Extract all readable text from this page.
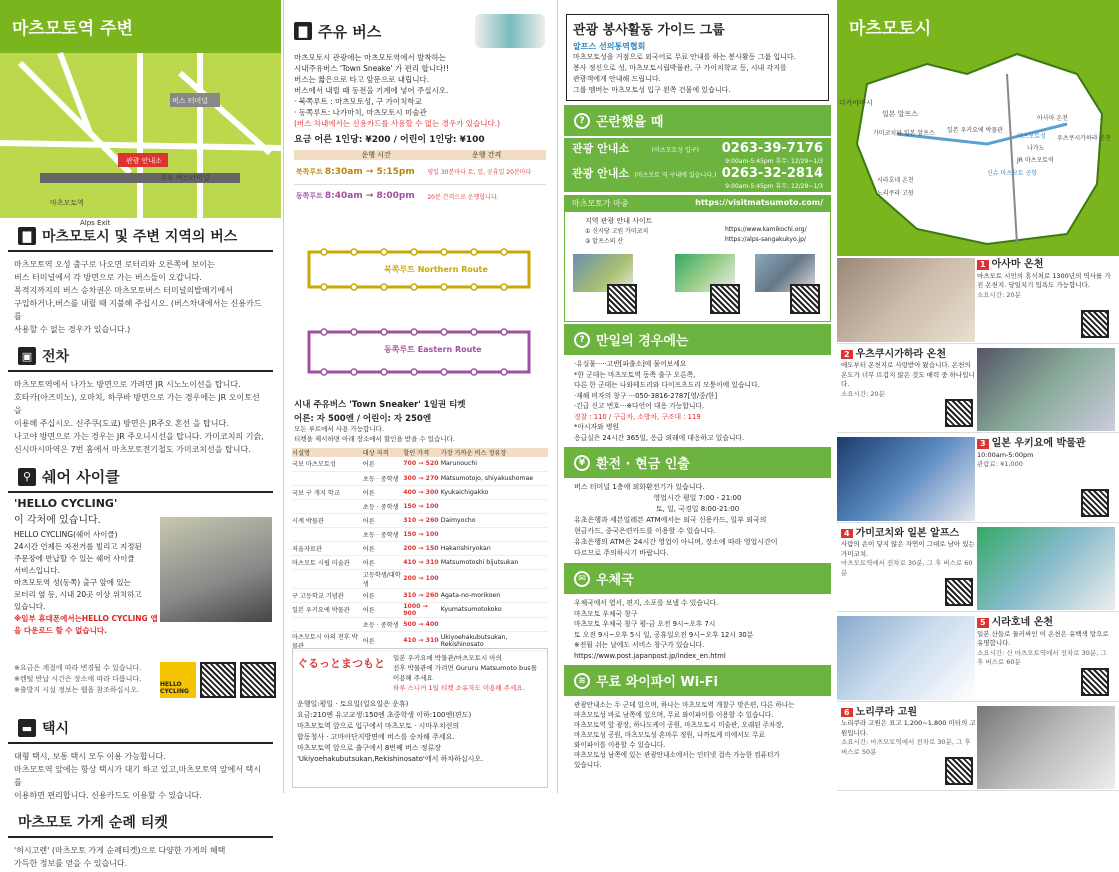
마츠모토역 주변
관광 안내소
버스 터미널
주우 버스터미널
마츠모토역
Alps Exit
▇ 마츠모토시 및 주변 지역의 버스
마츠모토역 오성 출구로 나오면 로터리와 오른쪽에 보이는
버스 터미널에서 각 방면으로 가는 버스들이 오갑니다.
목적지까지의 버스 승차권은 마츠모토버스 터미널의발매기에서
구입하거나,버스를 내릴 때 지불해 주십시오. (버스차내에서는 신용카드를
사용할 수 없는 경우가 있습니다.)
▣ 전차
마츠모토역에서 나가노 방면으로 가려면 JR 시노노이선을 탑니다.
호타카(아즈미노), 오마치, 하쿠바 방면으로 가는 경우에는 JR 오이토선을
이용해 주십시오. 신주쿠(도쿄) 방면은 JR주오 혼선 을 탑니다.
나고야 방면으로 가는 경우는 JR 주오니시선을 탑니다. 가미코치의 기슭,
신시마시마역은 7번 홈에서 마츠모토전기철도 가미코치선을 탑니다.
⚲ 쉐어 사이클
'HELLO CYCLING'
이 각처에 있습니다.
HELLO CYCLING(쉐어 사이클)
24시간 언제든 자전거를 빌리고 지정된
주문장에 반납할 수 있는 쉐어 사이클
서비스입니다.
마츠모토역 성(동쪽) 출구 앞에 있는
로터리 옆 등, 시내 20곳 이상 위치하고
있습니다.
※일부 휴대폰에서는HELLO CYCLING 앱을 다운로드 할 수 없습니다.
※요금은 계절에 따라 변경될 수 있습니다.
※렌털 반납 시간은 장소에 따라 다릅니다.
※출발지 시설 정보는 웹을 참조하십시오.
HELLO CYCLING
▬ 택시
대형 택시, 보통 택시 모두 이용 가능합니다.
마츠모토역 앞에는 항상 택시가 대기 하고 있고,마츠모토역 앞에서 택시를
이용하면 편리합니다. 신용카드도 이용할 수 있습니다.
마츠모토 가게 순례 티켓
'히시고렌' (마츠모토 가게 순례티켓)으로 다양한 가게의 혜택
가득한 정보를 얻을 수 있습니다.
▇ 주유 버스
마츠모토시 관광에는 마츠모토역에서 발착하는
시내주유버스 'Town Sneake' 가 편리 합니다!!
버스는 짧은으로 타고 앞문으로 내립니다.
버스에서 내릴 때 동전을 기계에 넣어 주십시오.
· 북쪽루트 : 마츠모토성, 구 가이치학교
· 동쪽루트: 나가마치, 마츠모토시 미술관
(버스 차내에서는 신용카드를 사용할 수 없는 경우가 있습니다.)
요금 어른 1인당: ¥200 / 어린이 1인당: ¥100
	운행 시간	운행 간격
북쪽루트	8:30am → 5:15pm	평일 30분마다 토, 일, 공휴일 20분마다
동쪽루트	8:40am → 8:00pm	20분 간격으로 운행합니다.
북쪽루트 Northern Route
동쪽루트 Eastern Route
시내 주유버스 'Town Sneaker' 1일권 티켓
어른: 자 500엔 / 어린이: 자 250엔
모든 루트에서 사용 가능합니다.
티켓을 제시하면 아래 장소에서 할인을 받을 수 있습니다.
시설명	대상 자격	할인 가격	가장 가까운 버스 정류장
국보 마츠모토성	어른	700 → 520	Marunouchi
	초등 · 중학생	300 → 270	Matsumotojo, shiyakushomae
국보 구 개지 학교	어른	400 → 300	Kyukaichigakko
	초등 · 중학생	150 → 100	
시계 박물관	어른	310 → 260	Daimyocho
	초등 · 중학생	150 → 100	
저울자료관	어른	200 → 150	Hakarishiryokan
마츠모토 시립 미술관	어른	410 → 310	Matsumotoshi bijutsukan
	고등학생/대학생	200 → 100	
구 고등학교 기념관	어른	310 → 260	Agata-no-morikoen
일본 우키요에 박물관	어른	1000 → 900	Kyumatsumotokoko
	초등 · 중학생	500 → 400	
마츠모토시 아의 전후 박물관	어른	410 → 310	Ukiyoehakubutsukan, Rekishinosato
ぐるっとまつもと	일본 우키요에 박물관/마츠모토시 아의
전후 박물관에 가려면 Gururu Matsumoto bus를
이용해 주세요
하루 스니커 1일 티켓 소유자도 이용해 주세요.
운행일:평일 · 토요일(일요일은 운휴)
요금:210엔 유고교생:150엔 초중학생 이하:100엔(편도)
마츠모토역 앞으로 입구에서 마츠모토 · 시마우치선의
합동청사 · 고마아단지방면에 버스를 승차해 주세요.
마츠모토역 앞으로 출구에서 8번째 버스 정류장
'Ukiyoehakubutsukan,Rekishinosato'에서 하차하십시오.
관광 봉사활동 가이드 그룹
알프스 선의통역협회
마츠모토성을 거점으로 외국어로 무료 안내를 하는 봉사활동 그룹 입니다.
봉사 정신으로 성, 마츠모토시립박물관, 구 가이치학교 등, 시내 각지를
관광객에게 안내해 드립니다.
그룹 멤버는 마츠모토성 입구 왼쪽 건물에 있습니다.
? 곤란했을 때
관광 안내소	(마츠모토성 입구) 0263-39-7176
9:00am-5:45pm 휴무: 12/29~1/3
관광 안내소 (마츠모토 역 구내에 있습니다.) 0263-32-2814
9:00am-5:45pm 휴무: 12/29~1/3
마츠모토가 마중	https://visitmatsumoto.com/
지역 관광 안내 사이트
① 신시당 고원 가미코치	https://www.kamikochi.org/
② 알프스의 산	https://alps-sangakukyo.jp/
? 만일의 경우에는
·유실물·····고반[파출소]에 물어보세요
*한 군데는 마츠모토역 동쪽 출구 오른쪽,
다른 한 군데는 나와테도리와 다이프츠도리 모퉁이에 있습니다.
·재해 비자의 창구 ···050-3816-2787[영/중/한]
·긴급 신고 번호···※다언어 대응 가능합니다.
경찰 : 110 / 구급차, 소방차, 구조대 : 119
*아시자와 병원
응급실은 24시간 365일, 응급 외래에 대응하고 있습니다.
¥ 환전 · 현금 인출
버스 터미널 1층에 외화환전기가 있습니다.
영업시간 평일 7:00 - 21:00
토, 일, 국경일 8:00-21:00
유초은행과 세븐일레븐 ATM에서는 외국 신용카드, 일부 외국의
현금카드, 중국은련카드를 이용할 수 있습니다.
유초은행의 ATM은 24시간 영업이 아니며, 장소에 따라 영업시간이
다르므로 주의하시기 바랍니다.
✉ 우체국
우체국에서 엽서, 편지, 소포를 보낼 수 있습니다.
마츠모토 우체국 창구
마츠모토 우체국 창구 평-금 오전 9시~오후 7시
토 오전 9시~오후 5시 일, 공휴일오전 9시~오후 12시 30분
※전월 쉬는 날에도 서비스 창구가 있습니다.
https://www.post.japanpost.jp/index_en.html
≋ 무료 와이파이 Wi-Fi
관광안내소는 두 군데 있으며, 하나는 마츠모토역 개찰구 맞은편, 다른 하나는
마츠모토성 바로 남쪽에 있으며, 무료 와이파이를 이용할 수 있습니다.
마츠모토역 앞 광장, 하나도케이 공원, 마츠모토시 미술관, 오래된 주차장,
마츠모토성 공원, 마츠모토성 혼마루 정원, 나까토케 미에서도 무료
와이파이를 이용할 수 있습니다.
마츠모토성 남쪽에 있는 관광안내소에서는 인터넷 접속 가능한 컴퓨터가
있습니다.
마츠모토시
다카야마시
일본 알프스
가미코치와 일본 알프스 일본 우키요에 박물관
시라호네 온천
노리쿠라 고원
아사마 온천
우츠쿠시가하라 온천
나가노
마츠모토성
신슈 마츠모토 공항
JR 마츠모토역
1 아사마 온천
마츠모토 시민의 휴식처로 1300년의 역사를 가진 온천지. 당일치기 입욕도 가능합니다.
소요시간: 20분
2 우츠쿠시가하라 온천
에도부터 온천지로 사랑받아 왔습니다. 온천의 온도가 너무 뜨겁지 않은 것도 매력 중 하나입니다.
소요시간: 20분
3 일본 우키요에 박물관
10:00am-5:00pm
관람료: ¥1,000
4 가미코치와 일본 알프스
사람의 손이 닿지 않은 자연이 그대로 남아 있는 가미코치.
마츠모토역에서 전차로 30분, 그 후 버스로 60분
5 시라호네 온천
일본 산들로 둘러싸인 이 온천은 유백색 탕으로 유명합니다.
소요시간: 신 마츠모토역에서 전차로 30분, 그 후 버스로 60분
6 노리쿠라 고원
노리쿠라 고원은 표고 1,200~1,800 미터의 고원입니다.
소요시간: 마츠모토역에서 전차로 30분, 그 후 버스로 50분
